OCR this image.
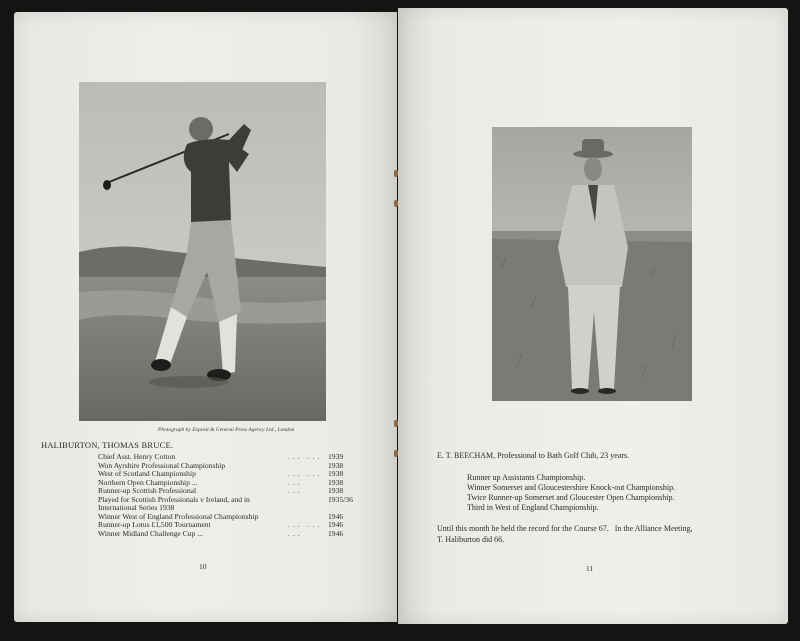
Photograph by Exposit & General Press Agency Ltd., London
HALIBURTON, THOMAS BRUCE.
Chief Asst. Henry Cotton	... ...	1939
Won Ayrshire Professional Championship		1938
West of Scotland Championship	... ...	1938
Northern Open Championship ...	...	1938
Runner-up Scottish Professional	...	1938
Played for Scottish Professionals v Ireland, and in International Series 1938		1935/36
Winner West of England Professional Championship		1946
Runner-up Lotus £1,500 Tournament	... ...	1946
Winner Midland Challenge Cup ...	...	1946
10
E. T. BEECHAM, Professional to Bath Golf Club, 23 years.
Runner up Assistants Championship.
Winner Somerset and Gloucestershire Knock-out Championship.
Twice Runner-up Somerset and Gloucester Open Championship.
Third in West of England Championship.
Until this month he held the record for the Course 67.   In the Alliance Meeting,
T. Haliburton did 66.
11
